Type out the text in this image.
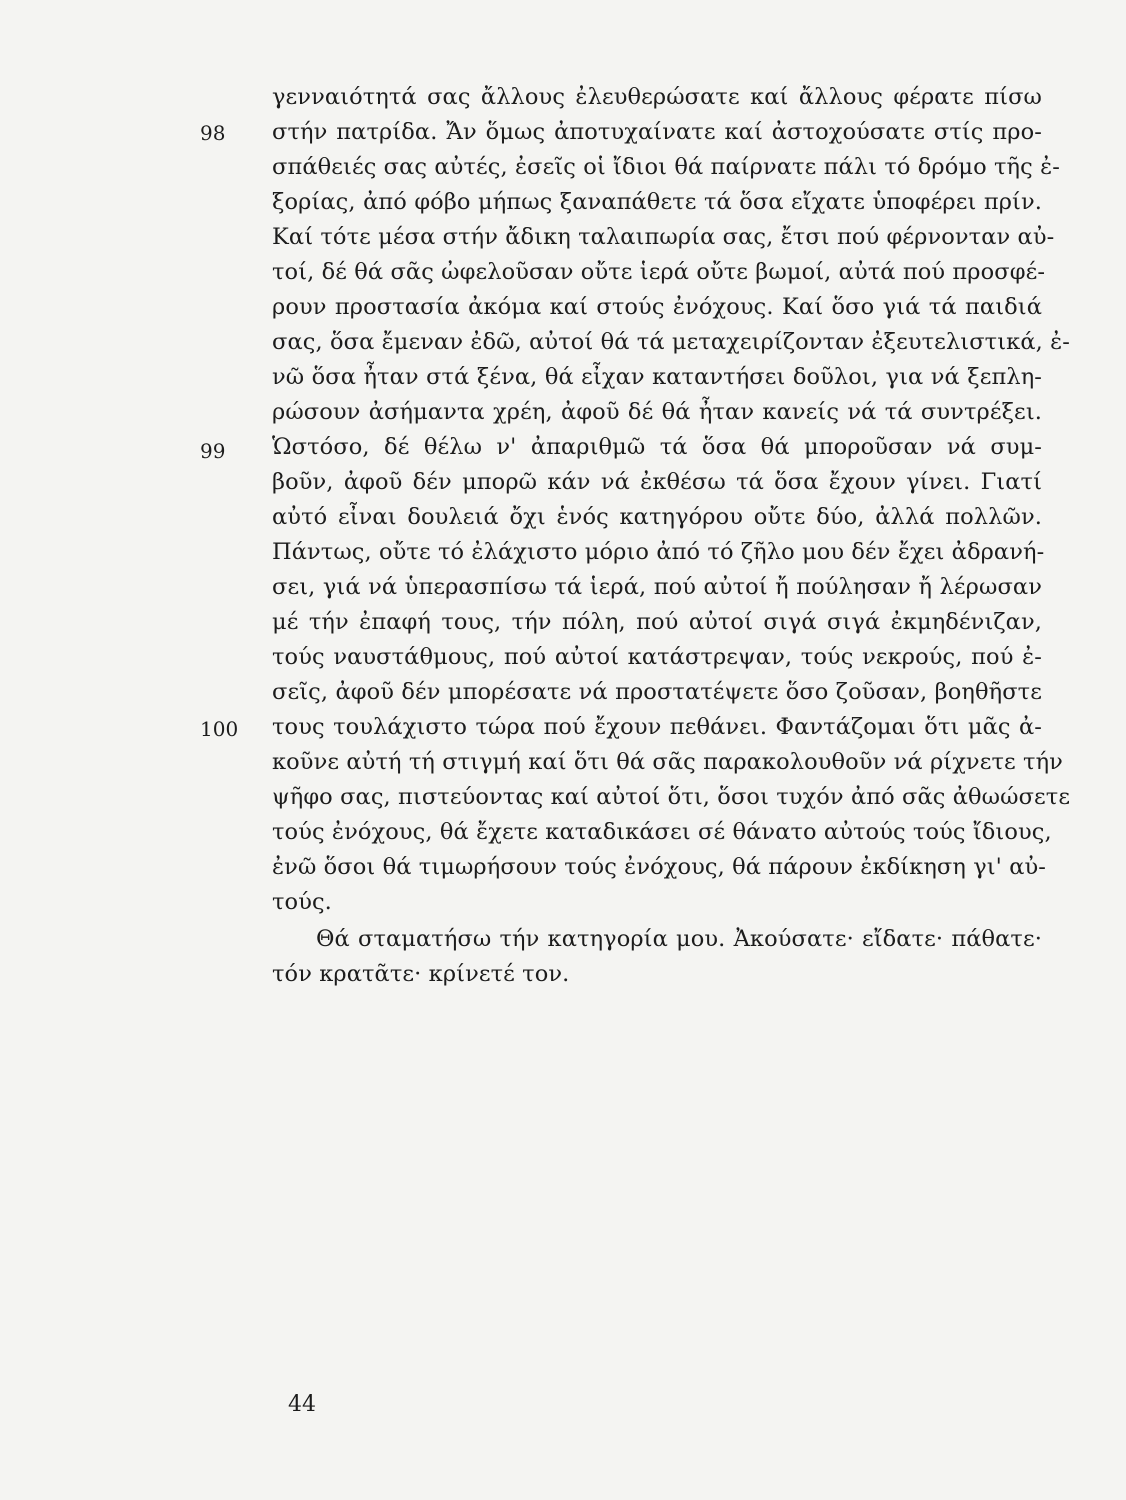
98
99
100
γενναιότητά σας ἄλλους ἐλευθερώσατε καί ἄλλους φέρατε πίσω
στήν πατρίδα. Ἄν ὅμως ἀποτυχαίνατε καί ἀστοχούσατε στίς προ-
σπάθειές σας αὐτές, ἐσεῖς οἱ ἴδιοι θά παίρνατε πάλι τό δρόμο τῆς ἐ-
ξορίας, ἀπό φόβο μήπως ξαναπάθετε τά ὅσα εἴχατε ὑποφέρει πρίν.
Καί τότε μέσα στήν ἄδικη ταλαιπωρία σας, ἔτσι πού φέρνονταν αὐ-
τοί, δέ θά σᾶς ὠφελοῦσαν οὔτε ἱερά οὔτε βωμοί, αὐτά πού προσφέ-
ρουν προστασία ἀκόμα καί στούς ἐνόχους. Καί ὅσο γιά τά παιδιά
σας, ὅσα ἔμεναν ἐδῶ, αὐτοί θά τά μεταχειρίζονταν ἐξευτελιστικά, ἐ-
νῶ ὅσα ἦταν στά ξένα, θά εἶχαν καταντήσει δοῦλοι, για νά ξεπλη-
ρώσουν ἀσήμαντα χρέη, ἀφοῦ δέ θά ἦταν κανείς νά τά συντρέξει.
Ὡστόσο, δέ θέλω ν' ἀπαριθμῶ τά ὅσα θά μποροῦσαν νά συμ-
βοῦν, ἀφοῦ δέν μπορῶ κάν νά ἐκθέσω τά ὅσα ἔχουν γίνει. Γιατί
αὐτό εἶναι δουλειά ὄχι ἑνός κατηγόρου οὔτε δύο, ἀλλά πολλῶν.
Πάντως, οὔτε τό ἐλάχιστο μόριο ἀπό τό ζῆλο μου δέν ἔχει ἀδρανή-
σει, γιά νά ὑπερασπίσω τά ἱερά, πού αὐτοί ἤ πούλησαν ἤ λέρωσαν
μέ τήν ἐπαφή τους, τήν πόλη, πού αὐτοί σιγά σιγά ἐκμηδένιζαν,
τούς ναυστάθμους, πού αὐτοί κατάστρεψαν, τούς νεκρούς, πού ἐ-
σεῖς, ἀφοῦ δέν μπορέσατε νά προστατέψετε ὅσο ζοῦσαν, βοηθῆστε
τους τουλάχιστο τώρα πού ἔχουν πεθάνει. Φαντάζομαι ὅτι μᾶς ἀ-
κοῦνε αὐτή τή στιγμή καί ὅτι θά σᾶς παρακολουθοῦν νά ρίχνετε τήν
ψῆφο σας, πιστεύοντας καί αὐτοί ὅτι, ὅσοι τυχόν ἀπό σᾶς ἀθωώσετε
τούς ἐνόχους, θά ἔχετε καταδικάσει σέ θάνατο αὐτούς τούς ἴδιους,
ἐνῶ ὅσοι θά τιμωρήσουν τούς ἐνόχους, θά πάρουν ἐκδίκηση γι' αὐ-
τούς.
Θά σταματήσω τήν κατηγορία μου. Ἀκούσατε· εἴδατε· πάθατε·
τόν κρατᾶτε· κρίνετέ τον.
44
